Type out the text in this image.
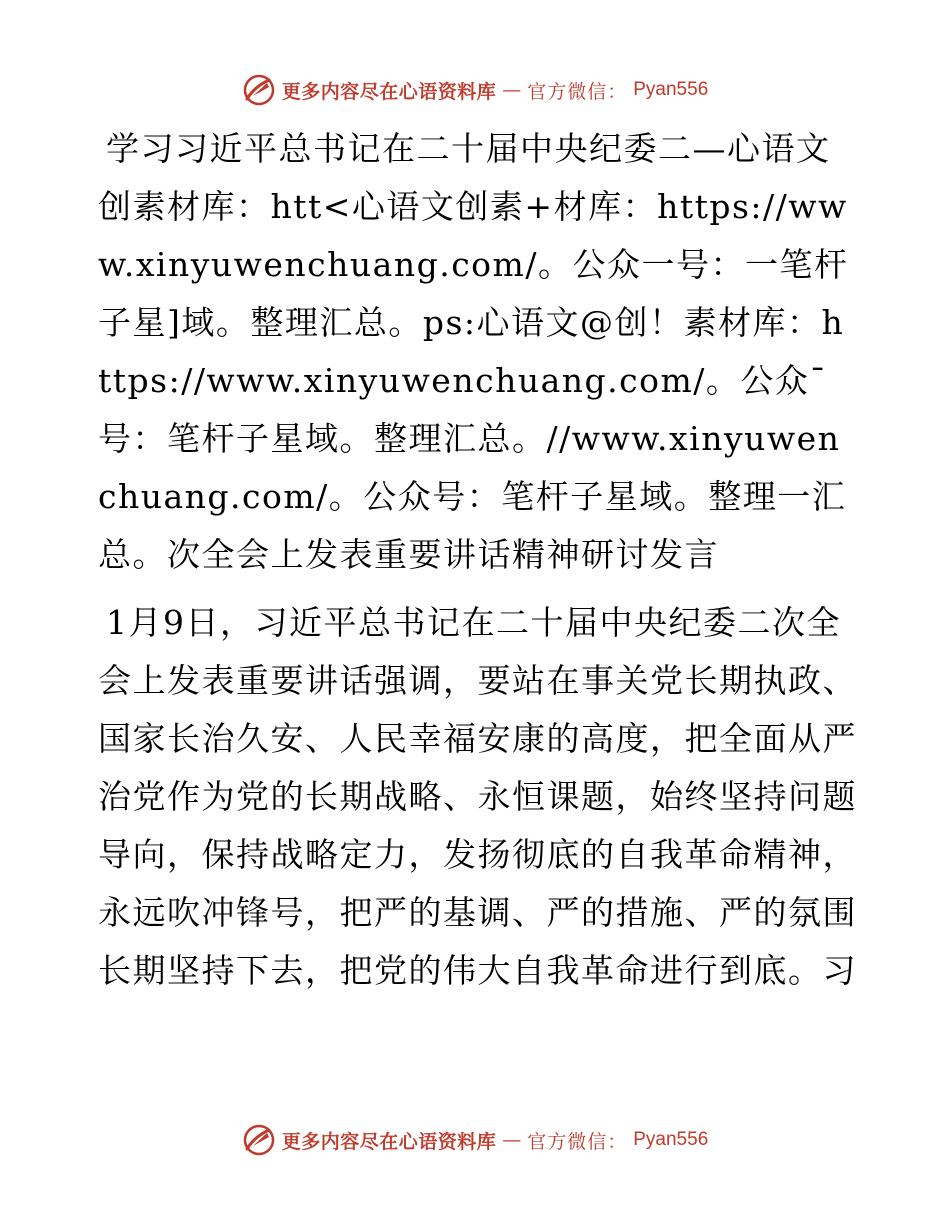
更多内容尽在心语资料库 — 官方微信： Pyan556

学习习近平总书记在二十届中央纪委二—心语文创素材库：htt<心语文创素+材库：https://www.xinyuwenchuang.com/。公众一号：一笔杆子星]域。整理汇总。ps:心语文@创！素材库：https://www.xinyuwenchuang.com/。公众¯号：笔杆子星域。整理汇总。//www.xinyuwenchuang.com/。公众号：笔杆子星域。整理一汇总。次全会上发表重要讲话精神研讨发言

1月9日，习近平总书记在二十届中央纪委二次全会上发表重要讲话强调，要站在事关党长期执政、国家长治久安、人民幸福安康的高度，把全面从严治党作为党的长期战略、永恒课题，始终坚持问题导向，保持战略定力，发扬彻底的自我革命精神，永远吹冲锋号，把严的基调、严的措施、严的氛围长期坚持下去，把党的伟大自我革命进行到底。习

更多内容尽在心语资料库 — 官方微信： Pyan556
